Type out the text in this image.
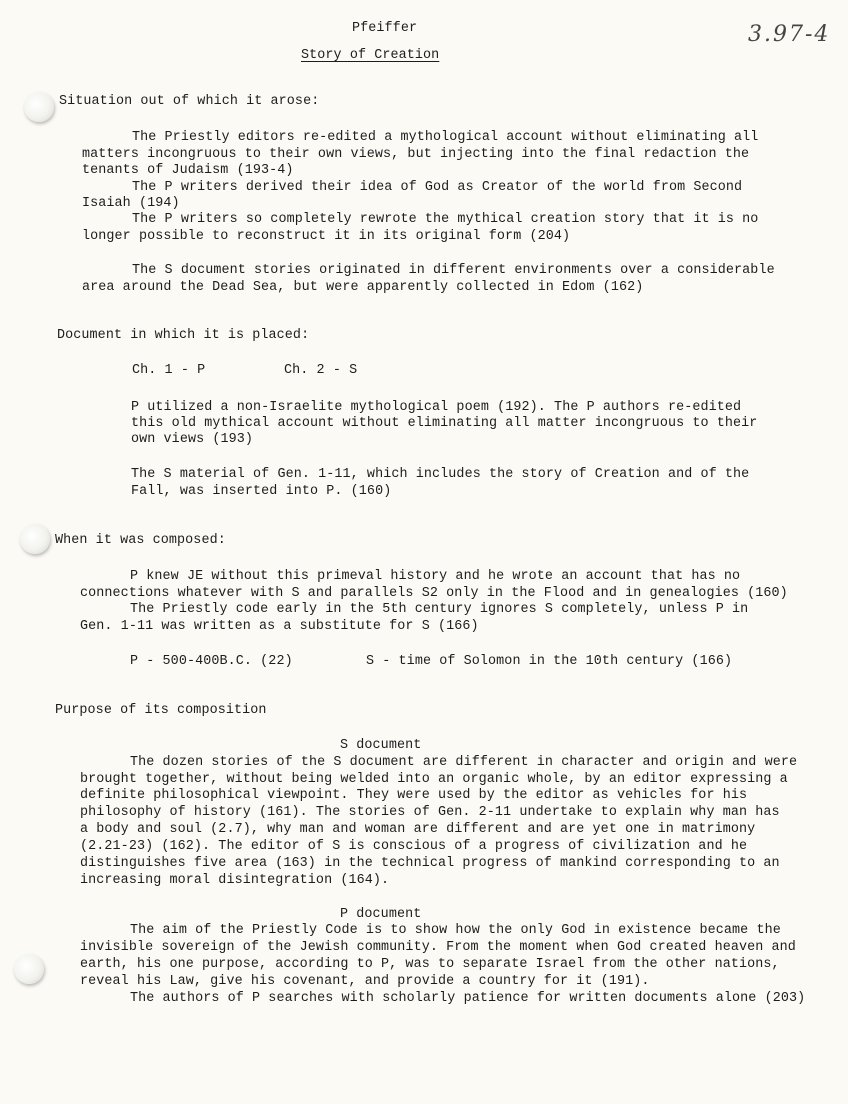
Pfeiffer
Story of Creation
3.97-4
Situation out of which it arose:
The Priestly editors re-edited a mythological account without eliminating all
matters incongruous to their own views, but injecting into the final redaction the
tenants of Judaism (193-4)
The P writers derived their idea of God as Creator of the world from Second
Isaiah (194)
The P writers so completely rewrote the mythical creation story that it is no
longer possible to reconstruct it in its original form (204)
The S document stories originated in different environments over a considerable
area around the Dead Sea, but were apparently collected in Edom (162)
Document in which it is placed:
Ch. 1 - P	Ch. 2 - S
P utilized a non-Israelite mythological poem (192). The P authors re-edited
this old mythical account without eliminating all matter incongruous to their
own views (193)
The S material of Gen. 1-11, which includes the story of Creation and of the
Fall, was inserted into P. (160)
When it was composed:
P knew JE without this primeval history and he wrote an account that has no
connections whatever with S and parallels S2 only in the Flood and in genealogies (160)
The Priestly code early in the 5th century ignores S completely, unless P in
Gen. 1-11 was written as a substitute for S (166)
P - 500-400B.C. (22)	S - time of Solomon in the 10th century (166)
Purpose of its composition
S document
The dozen stories of the S document are different in character and origin and were
brought together, without being welded into an organic whole, by an editor expressing a
definite philosophical viewpoint. They were used by the editor as vehicles for his
philosophy of history (161). The stories of Gen. 2-11 undertake to explain why man has
a body and soul (2.7), why man and woman are different and are yet one in matrimony
(2.21-23) (162). The editor of S is conscious of a progress of civilization and he
distinguishes five area (163) in the technical progress of mankind corresponding to an
increasing moral disintegration (164).
P document
The aim of the Priestly Code is to show how the only God in existence became the
invisible sovereign of the Jewish community. From the moment when God created heaven and
earth, his one purpose, according to P, was to separate Israel from the other nations,
reveal his Law, give his covenant, and provide a country for it (191).
The authors of P searches with scholarly patience for written documents alone (203)
